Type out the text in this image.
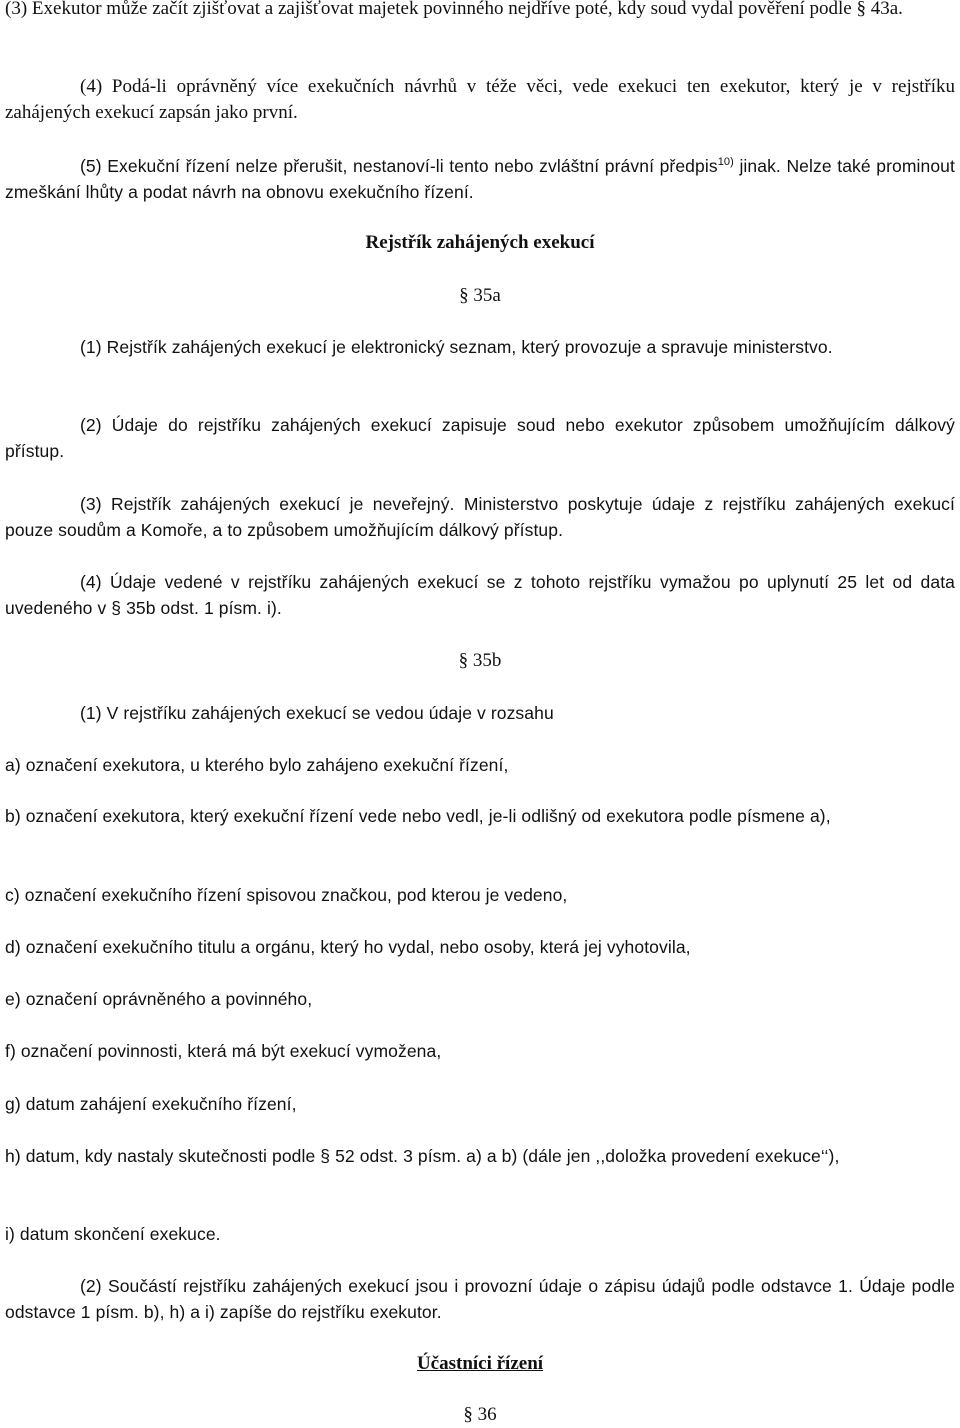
(3) Exekutor může začít zjišťovat a zajišťovat majetek povinného nejdříve poté, kdy soud vydal pověření podle § 43a.

(4) Podá-li oprávněný více exekučních návrhů v téže věci, vede exekuci ten exekutor, který je v rejstříku zahájených exekucí zapsán jako první.

(5) Exekuční řízení nelze přerušit, nestanoví-li tento nebo zvláštní právní předpis$^{10)}$ jinak. Nelze také prominout zmeškání lhůty a podat návrh na obnovu exekučního řízení.

Rejstřík zahájených exekucí
§ 35a

(1) Rejstřík zahájených exekucí je elektronický seznam, který provozuje a spravuje ministerstvo.

(2) Údaje do rejstříku zahájených exekucí zapisuje soud nebo exekutor způsobem umožňujícím dálkový přístup.

(3) Rejstřík zahájených exekucí je neveřejný. Ministerstvo poskytuje údaje z rejstříku zahájených exekucí pouze soudům a Komoře, a to způsobem umožňujícím dálkový přístup.

(4) Údaje vedené v rejstříku zahájených exekucí se z tohoto rejstříku vymažou po uplynutí 25 let od data uvedeného v § 35b odst. 1 písm. i).

§ 35b

(1) V rejstříku zahájených exekucí se vedou údaje v rozsahu

a) označení exekutora, u kterého bylo zahájeno exekuční řízení,

b) označení exekutora, který exekuční řízení vede nebo vedl, je-li odlišný od exekutora podle písmene a),

c) označení exekučního řízení spisovou značkou, pod kterou je vedeno,

d) označení exekučního titulu a orgánu, který ho vydal, nebo osoby, která jej vyhotovila,

e) označení oprávněného a povinného,

f) označení povinnosti, která má být exekucí vymožena,

g) datum zahájení exekučního řízení,

h) datum, kdy nastaly skutečnosti podle § 52 odst. 3 písm. a) a b) (dále jen ,,doložka provedení exekuce‘‘),

i) datum skončení exekuce.

(2) Součástí rejstříku zahájených exekucí jsou i provozní údaje o zápisu údajů podle odstavce 1. Údaje podle odstavce 1 písm. b), h) a i) zapíše do rejstříku exekutor.

Účastníci řízení
§ 36
